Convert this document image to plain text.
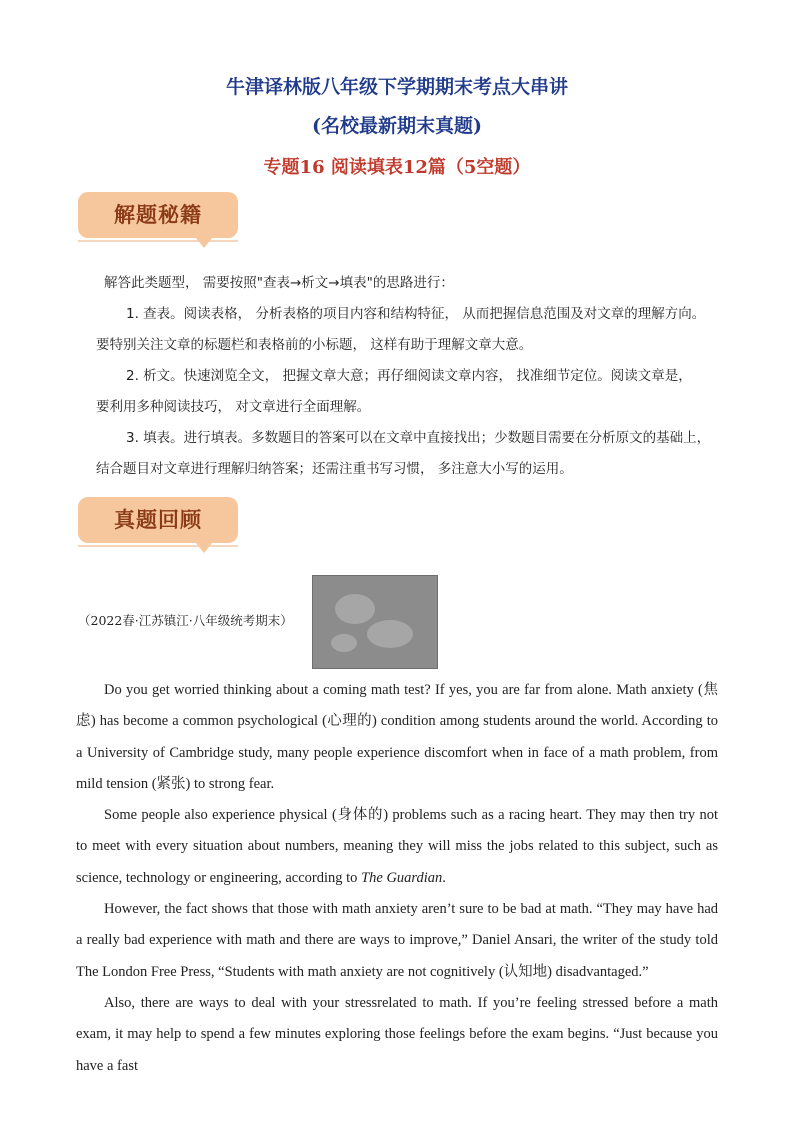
牛津译林版八年级下学期期末考点大串讲
(名校最新期末真题)
专题16 阅读填表12篇（5空题）
解题秘籍

解答此类题型， 需要按照"查表→析文→填表"的思路进行：

1. 查表。阅读表格， 分析表格的项目内容和结构特征， 从而把握信息范围及对文章的理解方向。

要特别关注文章的标题栏和表格前的小标题， 这样有助于理解文章大意。

2. 析文。快速浏览全文， 把握文章大意；再仔细阅读文章内容， 找准细节定位。阅读文章是，

要利用多种阅读技巧， 对文章进行全面理解。

3. 填表。进行填表。多数题目的答案可以在文章中直接找出；少数题目需要在分析原文的基础上，

结合题目对文章进行理解归纳答案；还需注重书写习惯， 多注意大小写的运用。

真题回顾
（2022春·江苏镇江·八年级统考期末）

Do you get worried thinking about a coming math test? If yes, you are far from alone. Math anxiety (焦虑) has become a common psychological (心理的) condition among students around the world. According to a University of Cambridge study, many people experience discomfort when in face of a math problem, from mild tension (紧张) to strong fear.

Some people also experience physical (身体的) problems such as a racing heart. They may then try not to meet with every situation about numbers, meaning they will miss the jobs related to this subject, such as science, technology or engineering, according to The Guardian.

However, the fact shows that those with math anxiety aren’t sure to be bad at math. “They may have had a really bad experience with math and there are ways to improve,” Daniel Ansari, the writer of the study told The London Free Press, “Students with math anxiety are not cognitively (认知地) disadvantaged.”

Also, there are ways to deal with your stressrelated to math. If you’re feeling stressed before a math exam, it may help to spend a few minutes exploring those feelings before the exam begins. “Just because you have a fast
